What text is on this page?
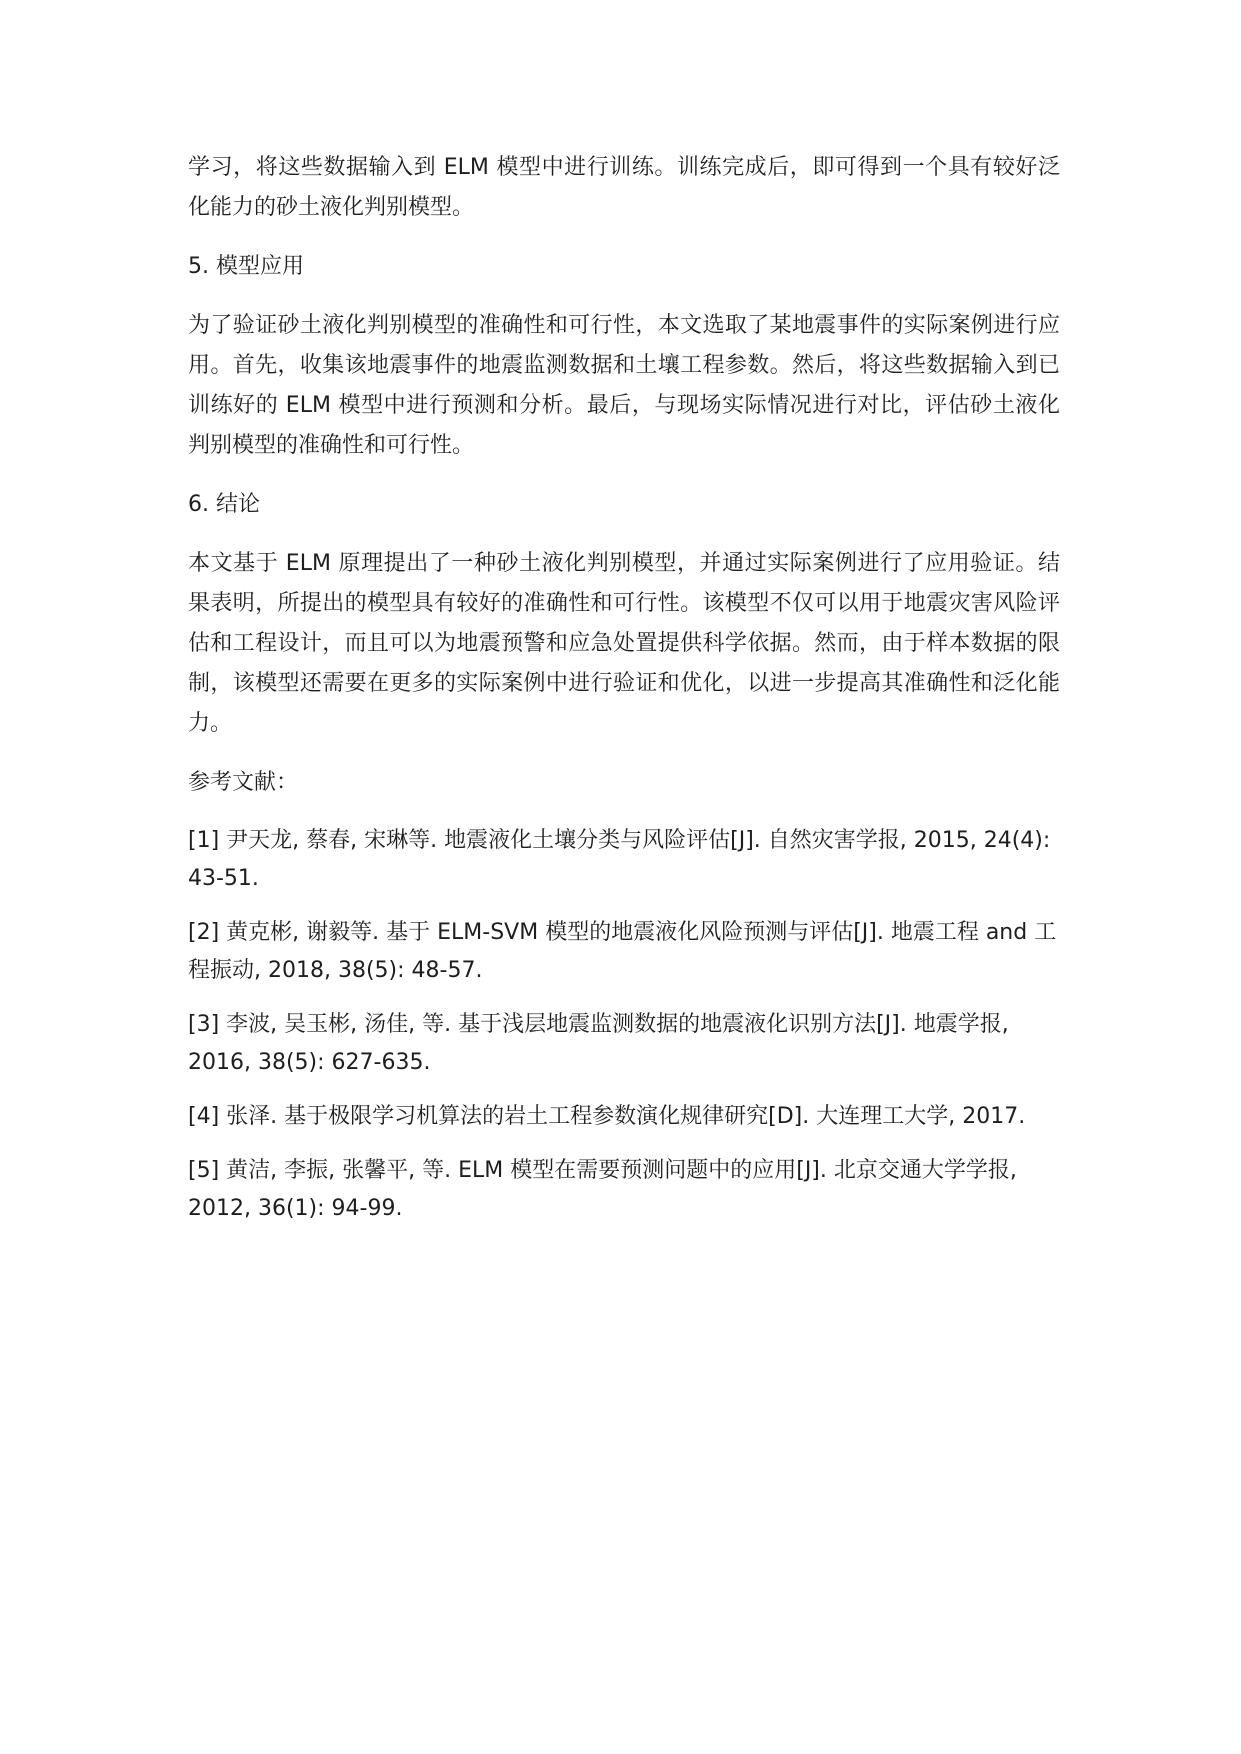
学习，将这些数据输入到 ELM 模型中进行训练。训练完成后，即可得到一个具有较好泛化能力的砂土液化判别模型。

5. 模型应用

为了验证砂土液化判别模型的准确性和可行性，本文选取了某地震事件的实际案例进行应用。首先，收集该地震事件的地震监测数据和土壤工程参数。然后，将这些数据输入到已训练好的 ELM 模型中进行预测和分析。最后，与现场实际情况进行对比，评估砂土液化判别模型的准确性和可行性。

6. 结论

本文基于 ELM 原理提出了一种砂土液化判别模型，并通过实际案例进行了应用验证。结果表明，所提出的模型具有较好的准确性和可行性。该模型不仅可以用于地震灾害风险评估和工程设计，而且可以为地震预警和应急处置提供科学依据。然而，由于样本数据的限制，该模型还需要在更多的实际案例中进行验证和优化，以进一步提高其准确性和泛化能力。

参考文献：

[1] 尹天龙, 蔡春, 宋琳等. 地震液化土壤分类与风险评估[J]. 自然灾害学报, 2015, 24(4): 43-51.

[2] 黄克彬, 谢毅等. 基于 ELM-SVM 模型的地震液化风险预测与评估[J]. 地震工程 and 工程振动, 2018, 38(5): 48-57.

[3] 李波, 吴玉彬, 汤佳, 等. 基于浅层地震监测数据的地震液化识别方法[J]. 地震学报, 2016, 38(5): 627-635.

[4] 张泽. 基于极限学习机算法的岩土工程参数演化规律研究[D]. 大连理工大学, 2017.

[5] 黄洁, 李振, 张馨平, 等. ELM 模型在需要预测问题中的应用[J]. 北京交通大学学报, 2012, 36(1): 94-99.
